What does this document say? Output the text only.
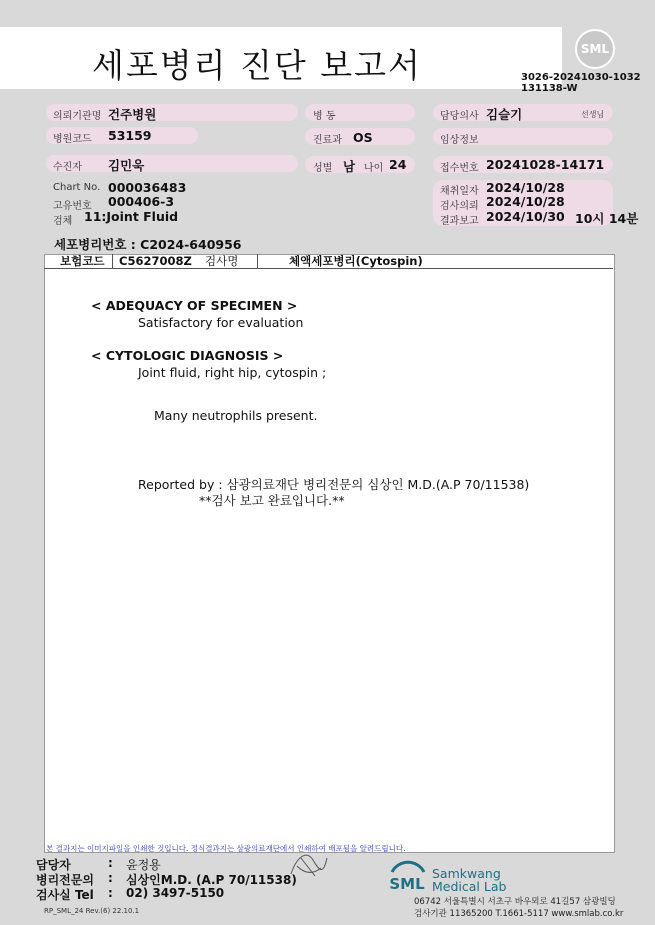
세포병리 진단 보고서	SML
3026-20241030-1032
131138-W
의뢰기관명 건주병원
병원코드 53159
수진자 김민욱
병 동
진료과 OS
성별 남 나이 24
담당의사 김슬기	선생님
임상정보
접수번호 20241028-14171
Chart No. 000036483
고유번호 000406-3
검체 11:Joint Fluid
채취일자 2024/10/28
검사의뢰 2024/10/28
결과보고 2024/10/30 10시 14분
세포병리번호 : C2024-640956
보험코드 C5627008Z 검사명	체액세포병리(Cytospin)
< ADEQUACY OF SPECIMEN >
Satisfactory for evaluation
< CYTOLOGIC DIAGNOSIS >
Joint fluid, right hip, cytospin ;
Many neutrophils present.
Reported by : 삼광의료재단 병리전문의 심상인 M.D.(A.P 70/11538)
**검사 보고 완료입니다.**
본 결과지는 이미지파일을 인쇄한 것입니다. 정식결과지는 삼광의료재단에서 인쇄하여 배포됨을 알려드립니다.
담당자	: 윤정용
병리전문의 : 심상인M.D. (A.P 70/11538)
검사실 Tel : 02) 3497-5150	SML
Samkwang
Medical Lab
06742 서울특별시 서초구 바우뫼로 41길57 삼광빌딩
검사기관 11365200 T.1661-5117 www.smlab.co.kr
RP_SML_24 Rev.(6) 22.10.1
